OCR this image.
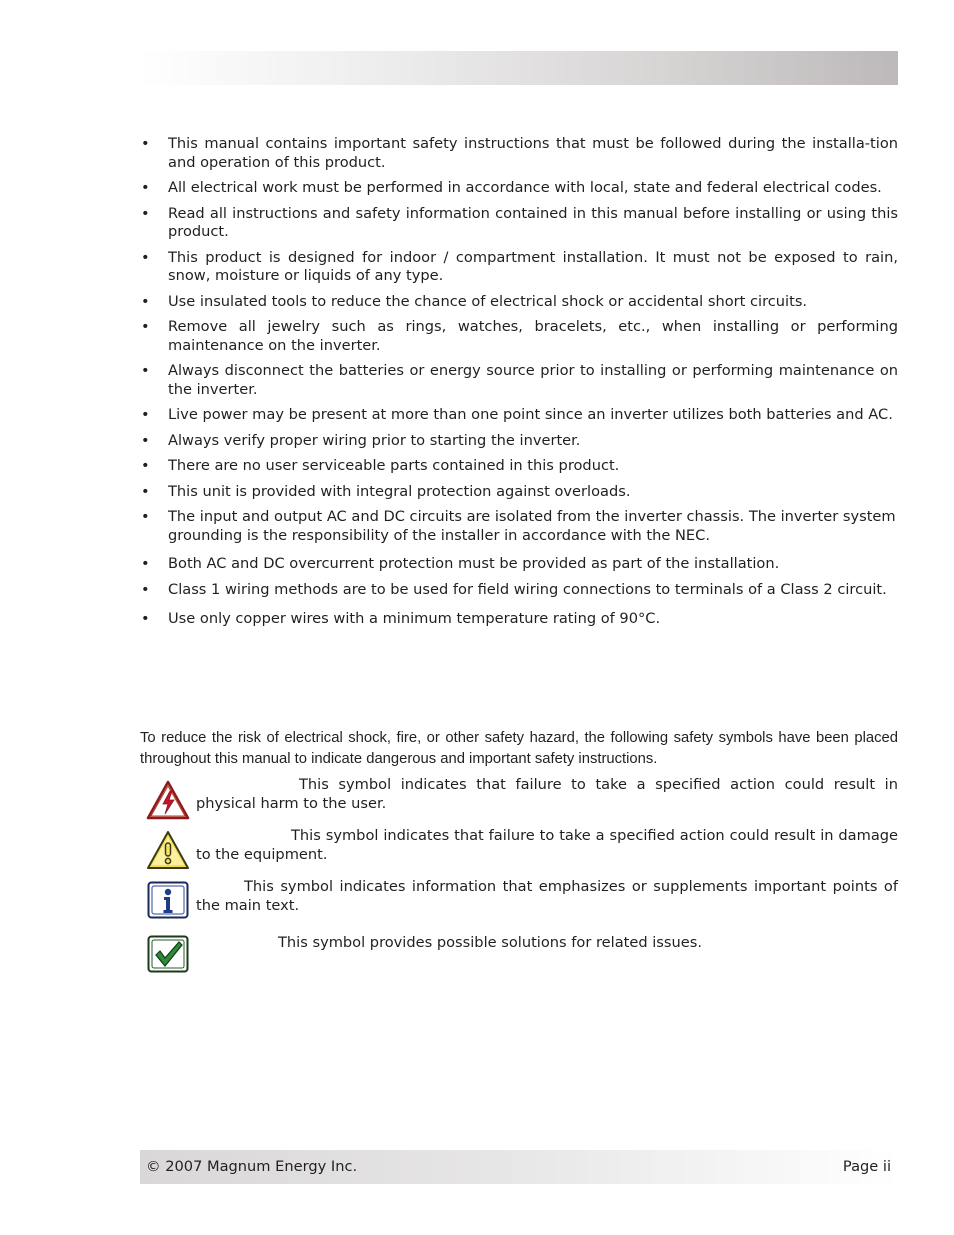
• This manual contains important safety instructions that must be followed during the installa-tion and operation of this product.
• All electrical work must be performed in accordance with local, state and federal electrical codes.
• Read all instructions and safety information contained in this manual before installing or using this product.
• This product is designed for indoor / compartment installation. It must not be exposed to rain, snow, moisture or liquids of any type.
• Use insulated tools to reduce the chance of electrical shock or accidental short circuits.
• Remove all jewelry such as rings, watches, bracelets, etc., when installing or performing maintenance on the inverter.
• Always disconnect the batteries or energy source prior to installing or performing maintenance on the inverter.
• Live power may be present at more than one point since an inverter utilizes both batteries and AC.
• Always verify proper wiring prior to starting the inverter.
• There are no user serviceable parts contained in this product.
• This unit is provided with integral protection against overloads.
• The input and output AC and DC circuits are isolated from the inverter chassis. The inverter system grounding is the responsibility of the installer in accordance with the NEC.
• Both AC and DC overcurrent protection must be provided as part of the installation.
• Class 1 wiring methods are to be used for field wiring connections to terminals of a Class 2 circuit.
• Use only copper wires with a minimum temperature rating of 90°C.

To reduce the risk of electrical shock, fire, or other safety hazard, the following safety symbols have been placed throughout this manual to indicate dangerous and important safety instructions.

This symbol indicates that failure to take a specified action could result in physical harm to the user.

This symbol indicates that failure to take a specified action could result in damage to the equipment.

This symbol indicates information that emphasizes or supplements important points of the main text.

This symbol provides possible solutions for related issues.

© 2007 Magnum Energy Inc.	Page ii
